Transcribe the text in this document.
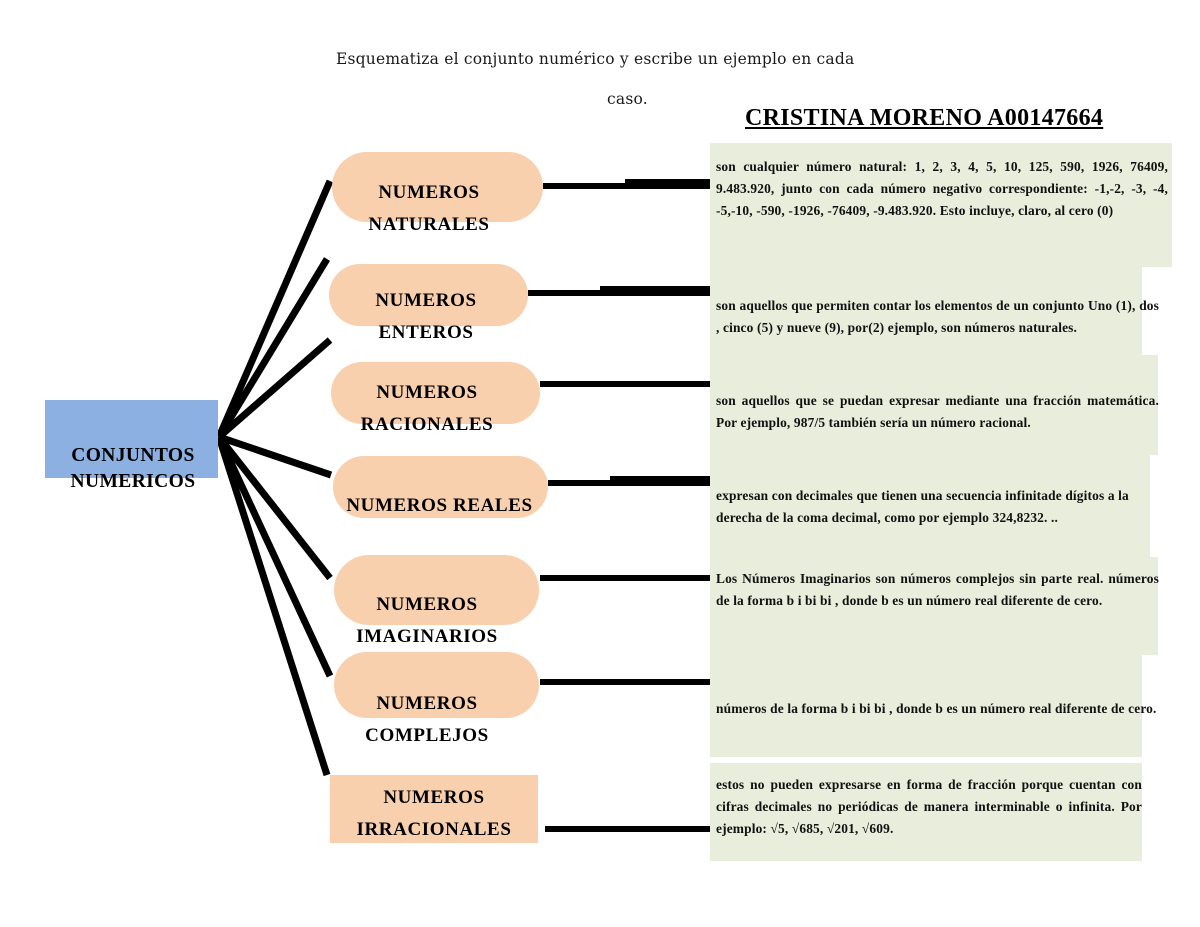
Esquematiza el conjunto numérico y escribe un ejemplo en cada
caso.
CRISTINA MORENO A00147664
CONJUNTOS
NUMERICOS
NUMEROS NATURALES
NUMEROS ENTEROS
NUMEROS RACIONALES
NUMEROS REALES
NUMEROS IMAGINARIOS
NUMEROS COMPLEJOS
NUMEROS IRRACIONALES
son cualquier número natural: 1, 2, 3, 4, 5, 10, 125, 590, 1926, 76409, 9.483.920, junto con cada número negativo correspondiente: -1,-2, -3, -4, -5,-10, -590, -1926, -76409, -9.483.920. Esto incluye, claro, al cero (0)
son aquellos que permiten contar los elementos de un conjunto Uno (1), dos , cinco (5) y nueve (9), por(2) ejemplo, son números naturales.
son aquellos que se puedan expresar mediante una fracción matemática. Por ejemplo, 987/5 también sería un número racional.
expresan con decimales que tienen una secuencia infinitade dígitos a la derecha de la coma decimal, como por ejemplo 324,8232. ..
Los Números Imaginarios son números complejos sin parte real. números de la forma b i bi bi , donde b es un número real diferente de cero.
números de la forma b i bi bi , donde b es un número real diferente de cero.
estos no pueden expresarse en forma de fracción porque cuentan con cifras decimales no periódicas de manera interminable o infinita. Por ejemplo: √5, √685, √201, √609.
